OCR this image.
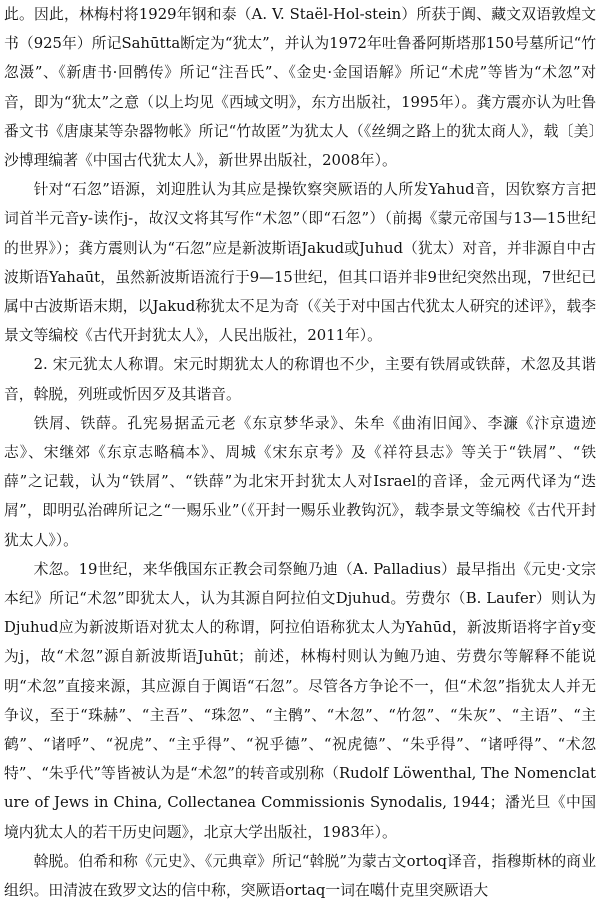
此。因此，林梅村将1929年钢和泰（A. V. Staël-Hol-stein）所获于阗、藏文双语敦煌文书（925年）所记Sahūtta断定为“犹太”，并认为1972年吐鲁番阿斯塔那150号墓所记“竹忽滠”、《新唐书·回鹘传》所记“注吾氏”、《金史·金国语解》所记“术虎”等皆为“术忽”对音，即为“犹太”之意（以上均见《西域文明》，东方出版社，1995年）。龚方震亦认为吐鲁番文书《唐康某等杂器物帐》所记“竹故匿”为犹太人（《丝绸之路上的犹太商人》，载〔美〕沙博理编著《中国古代犹太人》，新世界出版社，2008年）。

针对“石忽”语源，刘迎胜认为其应是操钦察突厥语的人所发Yahud音，因钦察方言把词首半元音y-读作j-，故汉文将其写作“术忽”（即“石忽”）（前揭《蒙元帝国与13—15世纪的世界》）；龚方震则认为“石忽”应是新波斯语Jakud或Juhud（犹太）对音，并非源自中古波斯语Yahaūt，虽然新波斯语流行于9—15世纪，但其口语并非9世纪突然出现，7世纪已属中古波斯语末期，以Jakud称犹太不足为奇（《关于对中国古代犹太人研究的述评》，载李景文等编校《古代开封犹太人》，人民出版社，2011年）。

2. 宋元犹太人称谓。宋元时期犹太人的称谓也不少，主要有铁屑或铁薛，术忽及其谐音，斡脱，列班或忻因歹及其谐音。

铁屑、铁薛。孔宪易据孟元老《东京梦华录》、朱牟《曲洧旧闻》、李濂《汴京遗迹志》、宋继郊《东京志略稿本》、周城《宋东京考》及《祥符县志》等关于“铁屑”、“铁薛”之记载，认为“铁屑”、“铁薛”为北宋开封犹太人对Israel的音译，金元两代译为“迭屑”，即明弘治碑所记之“一赐乐业”（《开封一赐乐业教钩沉》，载李景文等编校《古代开封犹太人》）。

术忽。19世纪，来华俄国东正教会司祭鲍乃迪（A. Palladius）最早指出《元史·文宗本纪》所记“术忽”即犹太人，认为其源自阿拉伯文Djuhud。劳费尔（B. Laufer）则认为Djuhud应为新波斯语对犹太人的称谓，阿拉伯语称犹太人为Yahūd，新波斯语将字首y变为j，故“术忽”源自新波斯语Juhūt；前述，林梅村则认为鲍乃迪、劳费尔等解释不能说明“术忽”直接来源，其应源自于阗语“石忽”。尽管各方争论不一，但“术忽”指犹太人并无争议，至于“珠赫”、“主吾”、“珠忽”、“主鹘”、“木忽”、“竹忽”、“朱灰”、“主语”、“主鹤”、“诸呼”、“祝虎”、“主乎得”、“祝乎德”、“祝虎德”、“朱乎得”、“诸呼得”、“术忽特”、“朱乎代”等皆被认为是“术忽”的转音或别称（Rudolf Löwenthal, The Nomenclature of Jews in China, Collectanea Commissionis Synodalis, 1944；潘光旦《中国境内犹太人的若干历史问题》，北京大学出版社，1983年）。

斡脱。伯希和称《元史》、《元典章》所记“斡脱”为蒙古文ortoq译音，指穆斯林的商业组织。田清波在致罗文达的信中称，突厥语ortaq一词在噶什克里突厥语大
